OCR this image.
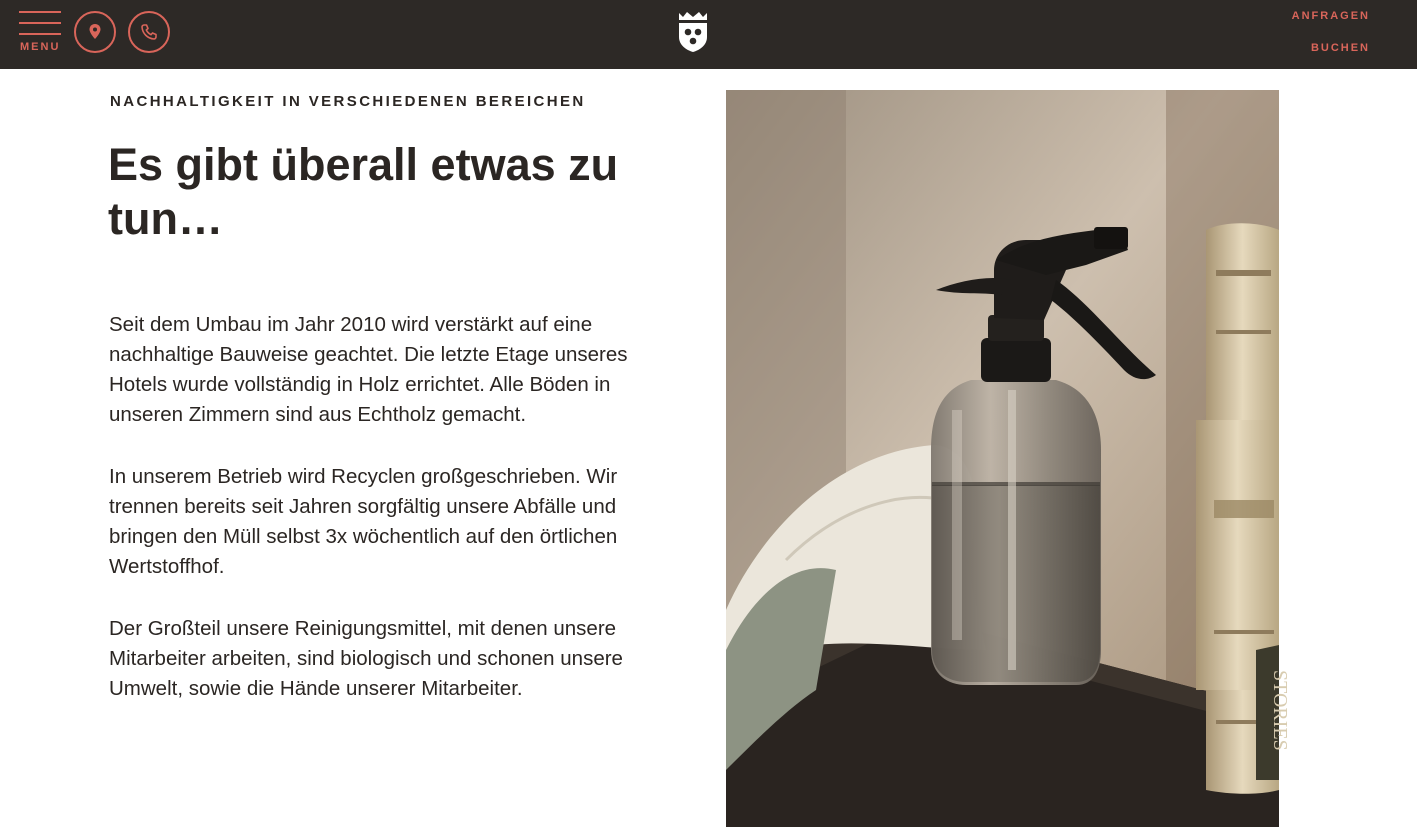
MENU
ANFRAGEN
BUCHEN
NACHHALTIGKEIT IN VERSCHIEDENEN BEREICHEN
Es gibt überall etwas zu tun…

Seit dem Umbau im Jahr 2010 wird verstärkt auf eine nachhaltige Bauweise geachtet. Die letzte Etage unseres Hotels wurde vollständig in Holz errichtet. Alle Böden in unseren Zimmern sind aus Echtholz gemacht.

In unserem Betrieb wird Recyclen großgeschrieben. Wir trennen bereits seit Jahren sorgfältig unsere Abfälle und bringen den Müll selbst 3x wöchentlich auf den örtlichen Wertstoffhof.

Der Großteil unsere Reinigungsmittel, mit denen unsere Mitarbeiter arbeiten, sind biologisch und schonen unsere Umwelt, sowie die Hände unserer Mitarbeiter.	STORIES
